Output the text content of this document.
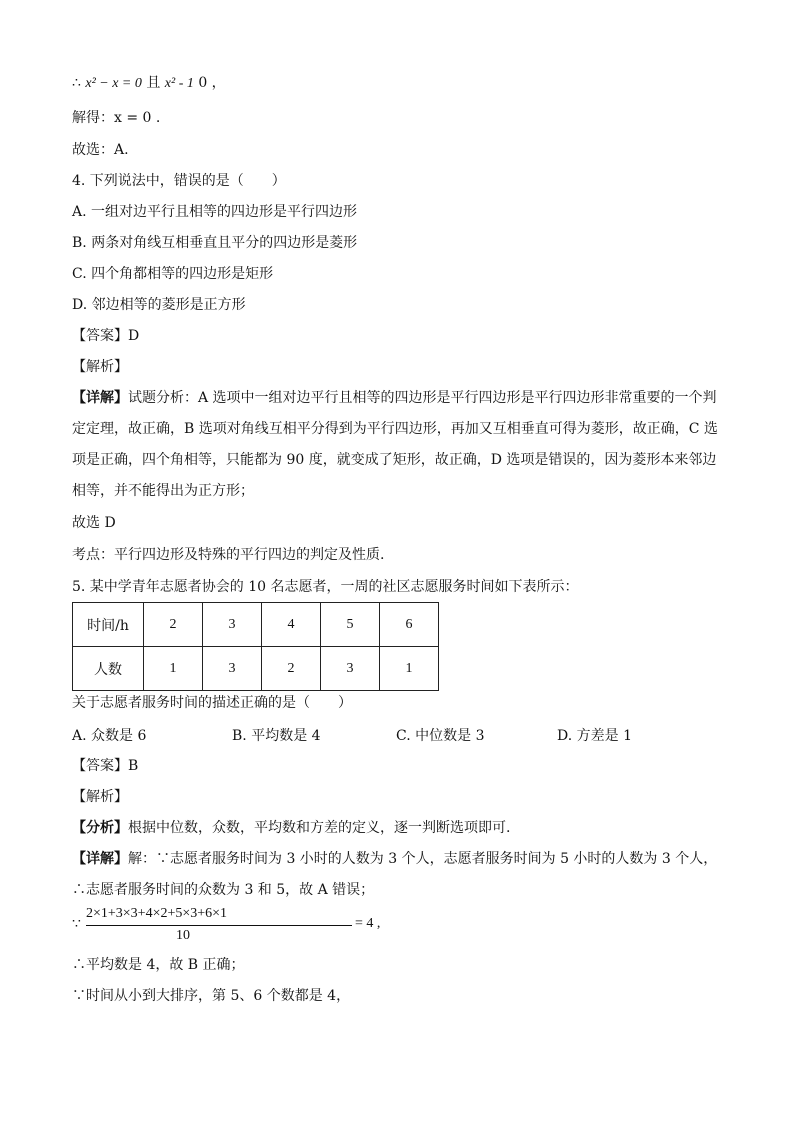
∴ x² − x = 0 且 x² - 1 0 ，
解得：x = 0 .
故选：A.
4. 下列说法中，错误的是（　　）
A. 一组对边平行且相等的四边形是平行四边形
B. 两条对角线互相垂直且平分的四边形是菱形
C. 四个角都相等的四边形是矩形
D. 邻边相等的菱形是正方形
【答案】D
【解析】
【详解】试题分析：A 选项中一组对边平行且相等的四边形是平行四边形是平行四边形非常重要的一个判定定理，故正确，B 选项对角线互相平分得到为平行四边形，再加又互相垂直可得为菱形，故正确，C 选项是正确，四个角相等，只能都为 90 度，就变成了矩形，故正确，D 选项是错误的，因为菱形本来邻边相等，并不能得出为正方形；
故选 D
考点：平行四边形及特殊的平行四边的判定及性质.
5. 某中学青年志愿者协会的 10 名志愿者，一周的社区志愿服务时间如下表所示：
时间/h	2	3	4	5	6
人数	1	3	2	3	1
关于志愿者服务时间的描述正确的是（　　）
A. 众数是 6	B. 平均数是 4	C. 中位数是 3	D. 方差是 1
【答案】B
【解析】
【分析】根据中位数，众数，平均数和方差的定义，逐一判断选项即可.
【详解】解：∵志愿者服务时间为 3 小时的人数为 3 个人，志愿者服务时间为 5 小时的人数为 3 个人，
∴志愿者服务时间的众数为 3 和 5，故 A 错误；
∵
2×1+3×3+4×2+5×3+6×1
10
= 4 ,
∴平均数是 4，故 B 正确；
∵时间从小到大排序，第 5、6 个数都是 4，
